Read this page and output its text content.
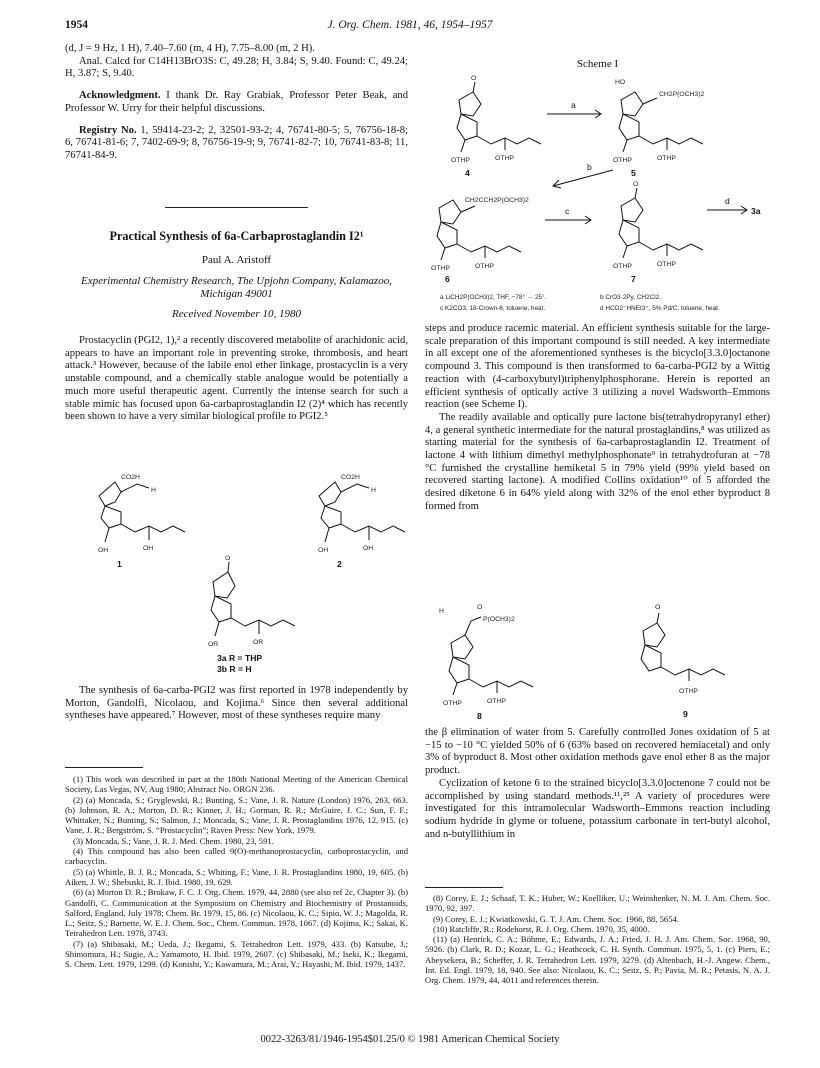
1954	J. Org. Chem. 1981, 46, 1954–1957

(d, J = 9 Hz, 1 H), 7.40–7.60 (m, 4 H), 7.75–8.00 (m, 2 H).

Anal. Calcd for C14H13BrO3S: C, 49.28; H, 3.84; S, 9.40. Found: C, 49.24; H, 3.87; S, 9.40.

Acknowledgment. I thank Dr. Ray Grabiak, Professor Peter Beak, and Professor W. Urry for their helpful discussions.

Registry No. 1, 59414-23-2; 2, 32501-93-2; 4, 76741-80-5; 5, 76756-18-8; 6, 76741-81-6; 7, 7402-69-9; 8, 76756-19-9; 9, 76741-82-7; 10, 76741-83-8; 11, 76741-84-9.

Practical Synthesis of 6a-Carbaprostaglandin I2¹
Paul A. Aristoff
Experimental Chemistry Research, The Upjohn Company, Kalamazoo, Michigan 49001
Received November 10, 1980

Prostacyclin (PGI2, 1),² a recently discovered metabolite of arachidonic acid, appears to have an important role in preventing stroke, thrombosis, and heart attack.³ However, because of the labile enol ether linkage, prostacyclin is a very unstable compound, and a chemically stable analogue would be potentially a much more useful therapeutic agent. Currently the intense search for such a stable mimic has focused upon 6a-carbaprostaglandin I2 (2)⁴ which has recently been shown to have a very similar biological profile to PGI2.⁵

CO2H
H
OH	OH
1
CO2H
H
OH	OH
2
O
OR	OR
3a R = THP
3b R = H

The synthesis of 6a-carba-PGI2 was first reported in 1978 independently by Morton, Gandolfi, Nicolaou, and Kojima.⁶ Since then several additional syntheses have appeared.⁷ However, most of these syntheses require many

(1) This work was described in part at the 180th National Meeting of the American Chemical Society, Las Vegas, NV, Aug 1980; Abstract No. ORGN 236.

(2) (a) Moncada, S.; Gryglewski, R.; Bunting, S.; Vane, J. R. Nature (London) 1976, 263, 663. (b) Johnson, R. A.; Morton, D. R.; Kinner, J. H.; Gorman, R. R.; McGuire, J. C.; Sun, F. F.; Whittaker, N.; Bunting, S.; Salmon, J.; Moncada, S.; Vane, J. R. Prostaglandins 1976, 12, 915. (c) Vane, J. R.; Bergström, S. “Prostacyclin”; Raven Press: New York, 1979.

(3) Moncada, S.; Vane, J. R. J. Med. Chem. 1980, 23, 591.

(4) This compound has also been called 9(O)-methanoprostacyclin, carboprostacyclin, and carbacyclin.

(5) (a) Whittle, B. J. R.; Moncada, S.; Whiting, F.; Vane, J. R. Prostaglandins 1980, 19, 605. (b) Aiken, J. W.; Shebuski, R. J. Ibid. 1980, 19, 629.

(6) (a) Morton D. R.; Brokaw, F. C. J. Org. Chem. 1979, 44, 2880 (see also ref 2c, Chapter 3). (b) Gandolfi, C. Communication at the Symposium on Chemistry and Biochemistry of Prostanoids, Salford, England, July 1978; Chem. Br. 1979, 15, 86. (c) Nicolaou, K. C.; Sipio, W. J.; Magolda, R. L.; Seitz, S.; Barnette, W. E. J. Chem. Soc., Chem. Commun. 1978, 1067. (d) Kojima, K.; Sakai, K. Tetrahedron Lett. 1978, 3743.

(7) (a) Shibasaki, M.; Ueda, J.; Ikegami, S. Tetrahedron Lett. 1979, 433. (b) Katsube, J.; Shimomura, H.; Sugie, A.; Yamamoto, H. Ibid. 1979, 2607. (c) Shibasaki, M.; Iseki, K.; Ikegami, S. Chem. Lett. 1979, 1299. (d) Konishi, Y.; Kawamura, M.; Arai, Y.; Hayashi, M. Ibid. 1979, 1437.

Scheme I
O
OTHP	OTHP
4
a
HO
CH2P(OCH3)2
OTHP	OTHP
5
b
CH2CCH2P(OCH3)2
OTHP	OTHP
6
c
O
OTHP	OTHP
7
d
3a
a LiCH2P(OCH3)2, THF, −78° → 25°.	b CrO3·2Py, CH2Cl2.
c K2CO3, 18-Crown-6, toluene, heat.	d HCO2⁻HNEt3⁺, 5% Pd/C, toluene, heat.

steps and produce racemic material. An efficient synthesis suitable for the large-scale preparation of this important compound is still needed. A key intermediate in all except one of the aforementioned syntheses is the bicyclo[3.3.0]octanone compound 3. This compound is then transformed to 6a-carba-PGI2 by a Wittig reaction with (4-carboxybutyl)triphenylphosphorane. Herein is reported an efficient synthesis of optically active 3 utilizing a novel Wadsworth–Emmons reaction (see Scheme I).

The readily available and optically pure lactone bis(tetrahydropyranyl ether) 4, a general synthetic intermediate for the natural prostaglandins,⁸ was utilized as starting material for the synthesis of 6a-carbaprostaglandin I2. Treatment of lactone 4 with lithium dimethyl methylphosphonate⁹ in tetrahydrofuran at −78 °C furnished the crystalline hemiketal 5 in 79% yield (99% yield based on recovered starting lactone). A modified Collins oxidation¹⁰ of 5 afforded the desired diketone 6 in 64% yield along with 32% of the enol ether byproduct 8 formed from

H
O
P(OCH3)2
OTHP	OTHP
8
O
OTHP
9

the β elimination of water from 5. Carefully controlled Jones oxidation of 5 at −15 to −10 °C yielded 50% of 6 (63% based on recovered hemiacetal) and only 3% of byproduct 8. Most other oxidation methods gave enol ether 8 as the major product.

Cyclization of ketone 6 to the strained bicyclo[3.3.0]octenone 7 could not be accomplished by using standard methods.¹¹,²⁵ A variety of procedures were investigated for this intramolecular Wadsworth–Emmons reaction including sodium hydride in glyme or toluene, potassium carbonate in tert-butyl alcohol, and n-butyllithium in

(8) Corey, E. J.; Schaaf, T. K.; Huber, W.; Koelliker, U.; Weinshenker, N. M. J. Am. Chem. Soc. 1970, 92, 397.

(9) Corey, E. J.; Kwiatkowski, G. T. J. Am. Chem. Soc. 1966, 88, 5654.

(10) Ratcliffe, R.; Rodehorst, R. J. Org. Chem. 1970, 35, 4000.

(11) (a) Henrick, C. A.; Böhme, E.; Edwards, J. A.; Fried, J. H. J. Am. Chem. Soc. 1968, 90, 5926. (b) Clark, R. D.; Kozar, L. G.; Heathcock, C. H. Synth. Commun. 1975, 5, 1. (c) Piers, E.; Abeysekera, B.; Scheffer, J. R. Tetrahedron Lett. 1979, 3279. (d) Altenbach, H.-J. Angew. Chem., Int. Ed. Engl. 1979, 18, 940. See also: Nicolaou, K. C.; Seitz, S. P.; Pavia, M. R.; Petasis, N. A. J. Org. Chem. 1979, 44, 4011 and references therein.

0022-3263/81/1946-1954$01.25/0 © 1981 American Chemical Society
